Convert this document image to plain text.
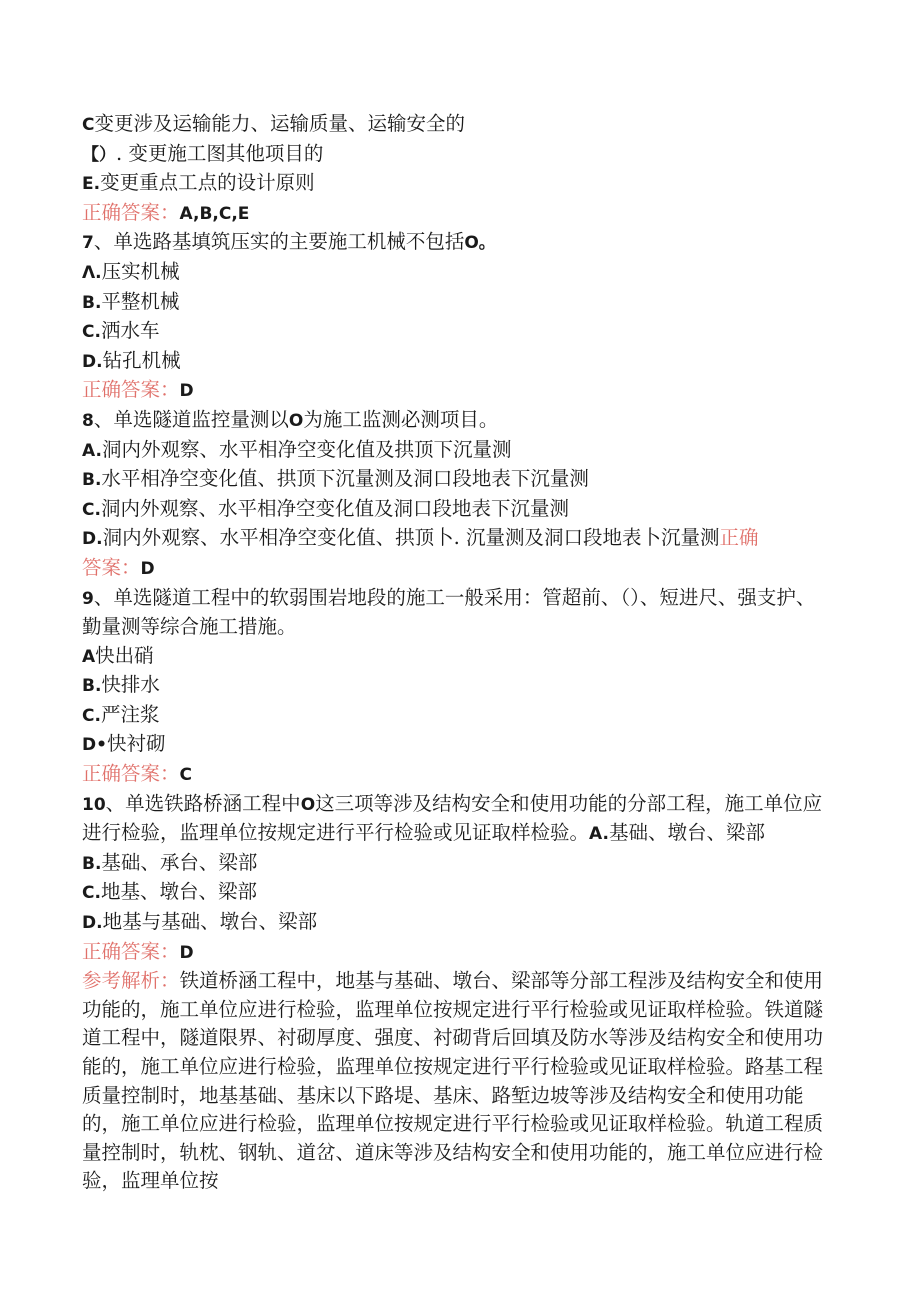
C变更涉及运输能力、运输质量、运输安全的
【）. 变更施工图其他项目的
E.变更重点工点的设计原则
正确答案：A,B,C,E
7、单选路基填筑压实的主要施工机械不包括O。
Λ.压实机械
B.平整机械
C.洒水车
D.钻孔机械
正确答案：D
8、单选隧道监控量测以O为施工监测必测项目。
A.洞内外观察、水平相净空变化值及拱顶下沉量测
B.水平相净空变化值、拱顶下沉量测及洞口段地表下沉量测
C.洞内外观察、水平相净空变化值及洞口段地表下沉量测
D.洞内外观察、水平相净空变化值、拱顶卜. 沉量测及洞口段地表卜沉量测正确
答案：D
9、单选隧道工程中的软弱围岩地段的施工一般采用：管超前、（）、短进尺、强支护、勤量测等综合施工措施。
A快出硝
B.快排水
C.严注浆
D•快衬砌
正确答案：C
10、单选铁路桥涵工程中O这三项等涉及结构安全和使用功能的分部工程，施工单位应进行检验，监理单位按规定进行平行检验或见证取样检验。A.基础、墩台、梁部
B.基础、承台、梁部
C.地基、墩台、梁部
D.地基与基础、墩台、梁部
正确答案：D
参考解析：铁道桥涵工程中，地基与基础、墩台、梁部等分部工程涉及结构安全和使用功能的，施工单位应进行检验，监理单位按规定进行平行检验或见证取样检验。铁道隧道工程中，隧道限界、衬砌厚度、强度、衬砌背后回填及防水等涉及结构安全和使用功能的，施工单位应进行检验，监理单位按规定进行平行检验或见证取样检验。路基工程质量控制时，地基基础、基床以下路堤、基床、路堑边坡等涉及结构安全和使用功能的，施工单位应进行检验，监理单位按规定进行平行检验或见证取样检验。轨道工程质量控制时，轨枕、钢轨、道岔、道床等涉及结构安全和使用功能的，施工单位应进行检验，监理单位按
